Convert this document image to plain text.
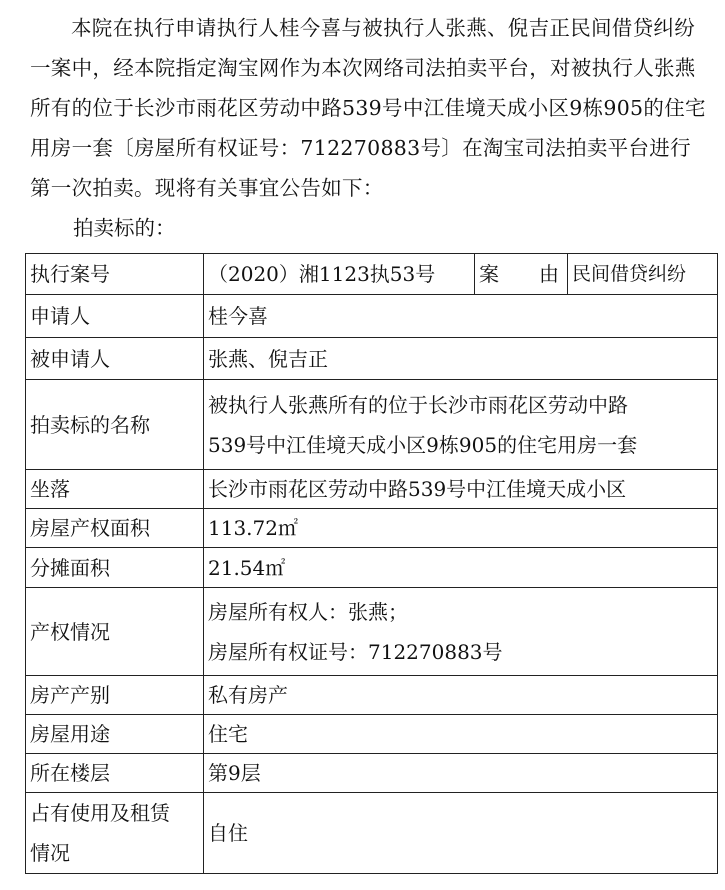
本院在执行申请执行人桂今喜与被执行人张燕、倪吉正民间借贷纠纷一案中，经本院指定淘宝网作为本次网络司法拍卖平台，对被执行人张燕所有的位于长沙市雨花区劳动中路539号中江佳境天成小区9栋905的住宅用房一套〔房屋所有权证号：712270883号〕在淘宝司法拍卖平台进行第一次拍卖。现将有关事宜公告如下：

拍卖标的：

执行案号	（2020）湘1123执53号	案　　由	民间借贷纠纷
申请人	桂今喜		
被申请人	张燕、倪吉正		
拍卖标的名称	被执行人张燕所有的位于长沙市雨花区劳动中路
539号中江佳境天成小区9栋905的住宅用房一套		

坐落	长沙市雨花区劳动中路539号中江佳境天成小区		
房屋产权面积	113.72㎡		
分摊面积	21.54㎡		
产权情况	房屋所有权人：张燕；
房屋所有权证号：712270883号		

房产产别	私有房产		
房屋用途	住宅		
所在楼层	第9层		

占有使用及租赁
情况	自住		
